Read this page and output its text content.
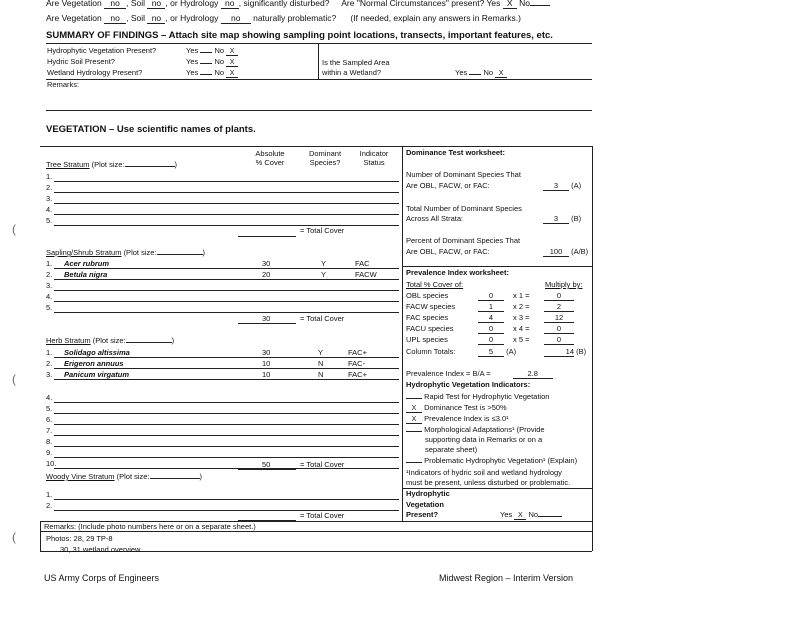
Are Vegetation no , Soil no , or Hydrology no , significantly disturbed? Are "Normal Circumstances" present? Yes X No
Are Vegetation no , Soil no , or Hydrology no naturally problematic? (If needed, explain any answers in Remarks.)
SUMMARY OF FINDINGS – Attach site map showing sampling point locations, transects, important features, etc.
Hydrophytic Vegetation Present?	Yes No X
Hydric Soil Present?	Yes No X
Wetland Hydrology Present?	Yes No X
Is the Sampled Area
within a Wetland?	Yes No X
Remarks:
VEGETATION – Use scientific names of plants.
Absolute
% Cover
Dominant
Species?
Indicator
Status
Tree Stratum (Plot size:	)
1.
2.
3.
4.
5.
= Total Cover
Sapling/Shrub Stratum (Plot size:	)
1. Acer rubrum	30	Y	FAC
2. Betula nigra	20	Y	FACW
3.
4.
5.
30	= Total Cover
Herb Stratum (Plot size:	)
1. Solidago altissima	30	Y	FAC+
2. Erigeron annuus	10	N	FAC-
3. Panicum virgatum	10	N	FAC+
4.
5.
6.
7.
8.
9.
10.	50	= Total Cover
Woody Vine Stratum (Plot size:	)
1.
2.
= Total Cover
Dominance Test worksheet:
Number of Dominant Species That
Are OBL, FACW, or FAC:	3 (A)
Total Number of Dominant Species
Across All Strata:	3 (B)
Percent of Dominant Species That
Are OBL, FACW, or FAC:	100 (A/B)
Prevalence Index worksheet:
Total % Cover of:	Multiply by:
OBL species	0	x 1 =	0
FACW species	1	x 2 =	2
FAC species	4	x 3 =	12
FACU species	0	x 4 =	0
UPL species	0	x 5 =	0
Column Totals:	5 (A)	14 (B)
Prevalence Index = B/A =	2.8
Hydrophytic Vegetation Indicators:
Rapid Test for Hydrophytic Vegetation
X Dominance Test is >50%
X Prevalence Index is ≤3.0¹
Morphological Adaptations¹ (Provide
supporting data in Remarks or on a
separate sheet)
Problematic Hydrophytic Vegetation¹ (Explain)
¹Indicators of hydric soil and wetland hydrology
must be present, unless disturbed or problematic.
Hydrophytic
Vegetation
Present?	Yes X No
Remarks: (Include photo numbers here or on a separate sheet.)
Photos: 28, 29 TP-8
30, 31 wetland overview
US Army Corps of Engineers	Midwest Region – Interim Version
(
(
(
